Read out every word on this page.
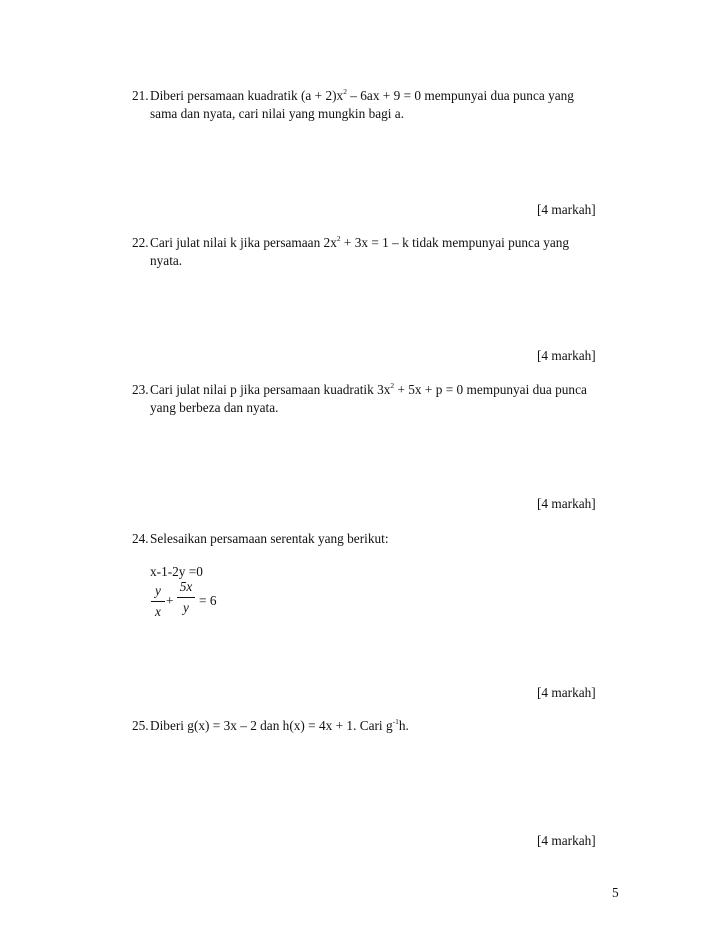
21. Diberi persamaan kuadratik $(a + 2)x^2 - 6ax + 9 = 0$ mempunyai dua punca yang
sama dan nyata, cari nilai yang mungkin bagi a.
[4 markah]
22. Cari julat nilai k jika persamaan $2x^2 + 3x = 1 - k$ tidak mempunyai punca yang
nyata.
[4 markah]
23. Cari julat nilai p jika persamaan kuadratik $3x^2 + 5x + p = 0$ mempunyai dua punca
yang berbeza dan nyata.
[4 markah]
24. Selesaikan persamaan serentak yang berikut:
x-1-2y =0
y
x
+
5x
y = 6
[4 markah]
25. Diberi g(x) = 3x – 2 dan h(x) = 4x + 1. Cari $g^{-1}h$.
[4 markah]
5
